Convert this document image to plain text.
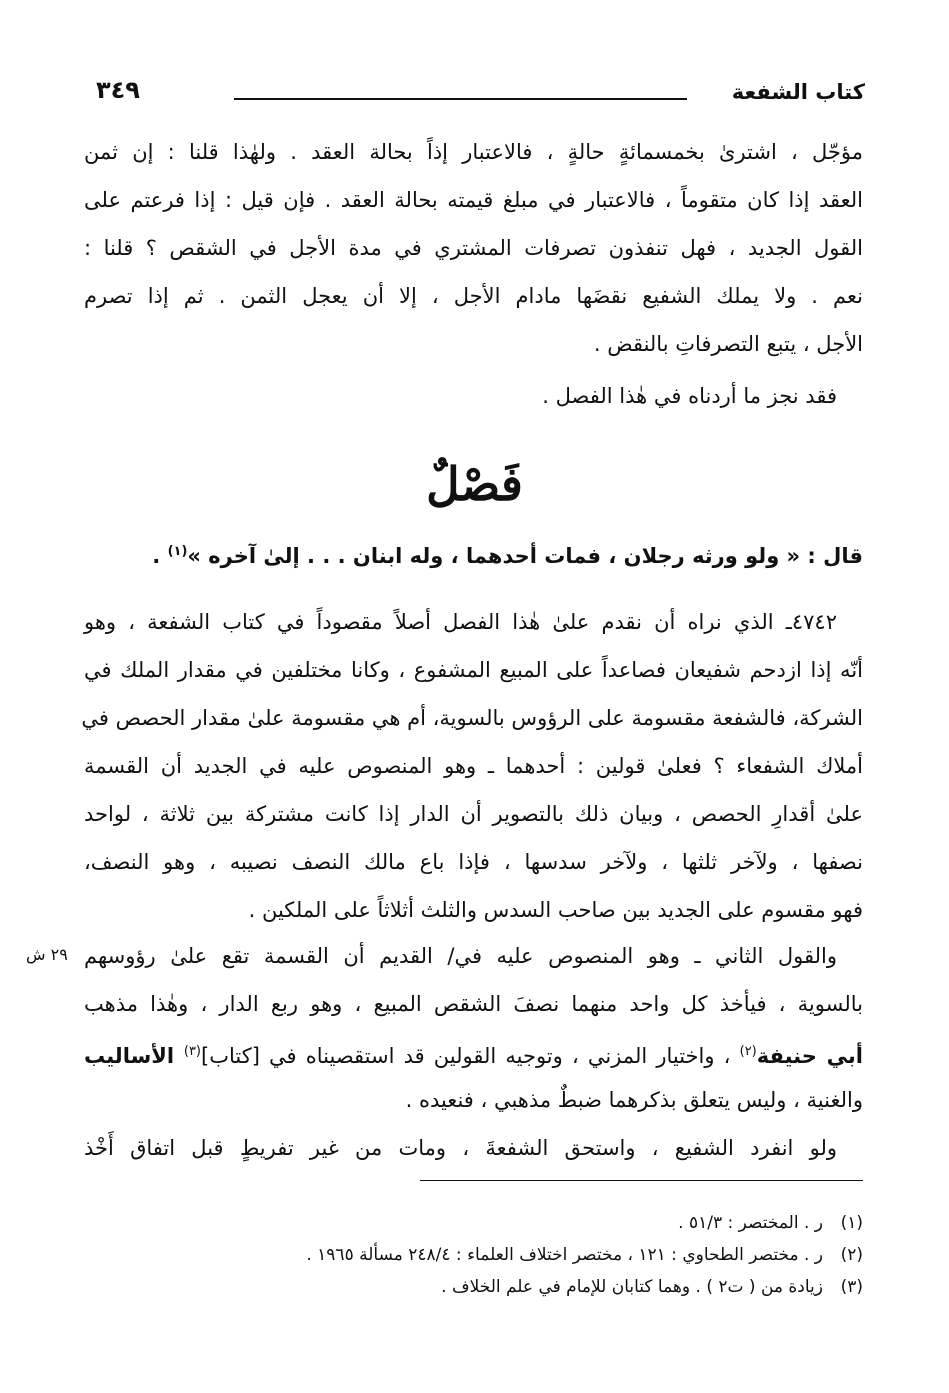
كتاب الشفعة
٣٤٩
مؤجّل ، اشترىٰ بخمسمائةٍ حالةٍ ، فالاعتبار إذاً بحالة العقد . ولهٰذا قلنا : إن ثمن
العقد إذا كان متقوماً ، فالاعتبار في مبلغ قيمته بحالة العقد . فإن قيل : إذا فرعتم على
القول الجديد ، فهل تنفذون تصرفات المشتري في مدة الأجل في الشقص ؟ قلنا :
نعم . ولا يملك الشفيع نقضَها مادام الأجل ، إلا أن يعجل الثمن . ثم إذا تصرم
الأجل ، يتبع التصرفاتِ بالنقض .
فقد نجز ما أردناه في هٰذا الفصل .
فَصْلٌ
قال : « ولو ورثه رجلان ، فمات أحدهما ، وله ابنان . . . إلىٰ آخره »$^{(١)}$ .
٤٧٤٢ـ الذي نراه أن نقدم علىٰ هٰذا الفصل أصلاً مقصوداً في كتاب الشفعة ، وهو
أنّه إذا ازدحم شفيعان فصاعداً على المبيع المشفوع ، وكانا مختلفين في مقدار الملك في
الشركة، فالشفعة مقسومة على الرؤوس بالسوية، أم هي مقسومة علىٰ مقدار الحصص في
أملاك الشفعاء ؟ فعلىٰ قولين : أحدهما ـ وهو المنصوص عليه في الجديد أن القسمة
علىٰ أقدارِ الحصص ، وبيان ذلك بالتصوير أن الدار إذا كانت مشتركة بين ثلاثة ، لواحد
نصفها ، ولآخر ثلثها ، ولآخر سدسها ، فإذا باع مالك النصف نصيبه ، وهو النصف،
فهو مقسوم على الجديد بين صاحب السدس والثلث أثلاثاً على الملكين .
والقول الثاني ـ وهو المنصوص عليه في/ القديم أن القسمة تقع علىٰ رؤوسهم
٢٩ ش
بالسوية ، فيأخذ كل واحد منهما نصفَ الشقص المبيع ، وهو ربع الدار ، وهٰذا مذهب
أبي حنيفة$^{(٢)}$ ، واختيار المزني ، وتوجيه القولين قد استقصيناه في [كتاب]$^{(٣)}$ الأساليب
والغنية ، وليس يتعلق بذكرهما ضبطٌ مذهبي ، فنعيده .
ولو انفرد الشفيع ، واستحق الشفعةَ ، ومات من غير تفريطٍ قبل اتفاق أَخْذ
(١)ر . المختصر : ٥١/٣ .
(٢)ر . مختصر الطحاوي : ١٢١ ، مختصر اختلاف العلماء : ٢٤٨/٤ مسألة ١٩٦٥ .
(٣)زيادة من ( ت٢ ) . وهما كتابان للإمام في علم الخلاف .
